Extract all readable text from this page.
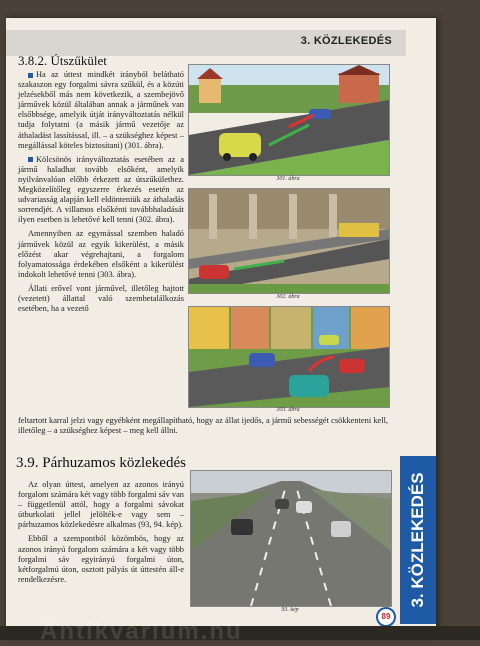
3. KÖZLEKEDÉS
3.8.2. Útszűkület

Ha az úttest mindkét irányból belátható szakaszon egy forgalmi sávra szűkül, és a közúti jelzésekből más nem következik, a szembejövő járművek közül általában annak a járműnek van elsőbbsége, amelyik útját irányváltoztatás nélkül tudja folytatni (a másik jármű vezetője az áthaladást lassítással, ill. – a szükséghez képest – megállással köteles biztosítani) (301. ábra).

Kölcsönös irányváltoztatás esetében az a jármű haladhat tovább elsőként, amelyik nyilvánvalóan előbb érkezett az útszűkülethez. Megközelítőleg egyszerre érkezés esetén az udvariasság alapján kell eldönteniük az áthaladás sorrendjét. A villamos elsőkénti továbbhaladását ilyen esetben is lehetővé kell tenni (302. ábra).

Amennyiben az egymással szemben haladó járművek közül az egyik kikerülést, a másik előzést akar végrehajtani, a forgalom folyamatossága érdekében elsőként a kikerülést indokolt lehetővé tenni (303. ábra).

Állati erővel vont járművel, illetőleg hajtott (vezetett) állattal való szembetalálkozás esetében, ha a vezető

301. ábra
302. ábra
303. ábra
feltartott karral jelzi vagy egyébként megállapítható, hogy az állat ijedős, a jármű sebességét csökkenteni kell, illetőleg – a szükséghez képest – meg kell állni.
3.9. Párhuzamos közlekedés

Az olyan úttest, amelyen az azonos irányú forgalom számára két vagy több forgalmi sáv van – függetlenül attól, hogy a forgalmi sávokat útburkolati jellel jelölték-e vagy sem – párhuzamos közlekedésre alkalmas (93, 94. kép).

Ebből a szempontból közömbös, hogy az azonos irányú forgalom számára a két vagy több forgalmi sáv egyirányú forgalmi úton, kétforgalmú úton, osztott pályás út úttestén áll-e rendelkezésre.

93. kép
3. KÖZLEKEDÉS
89
Antikvárium.hu
